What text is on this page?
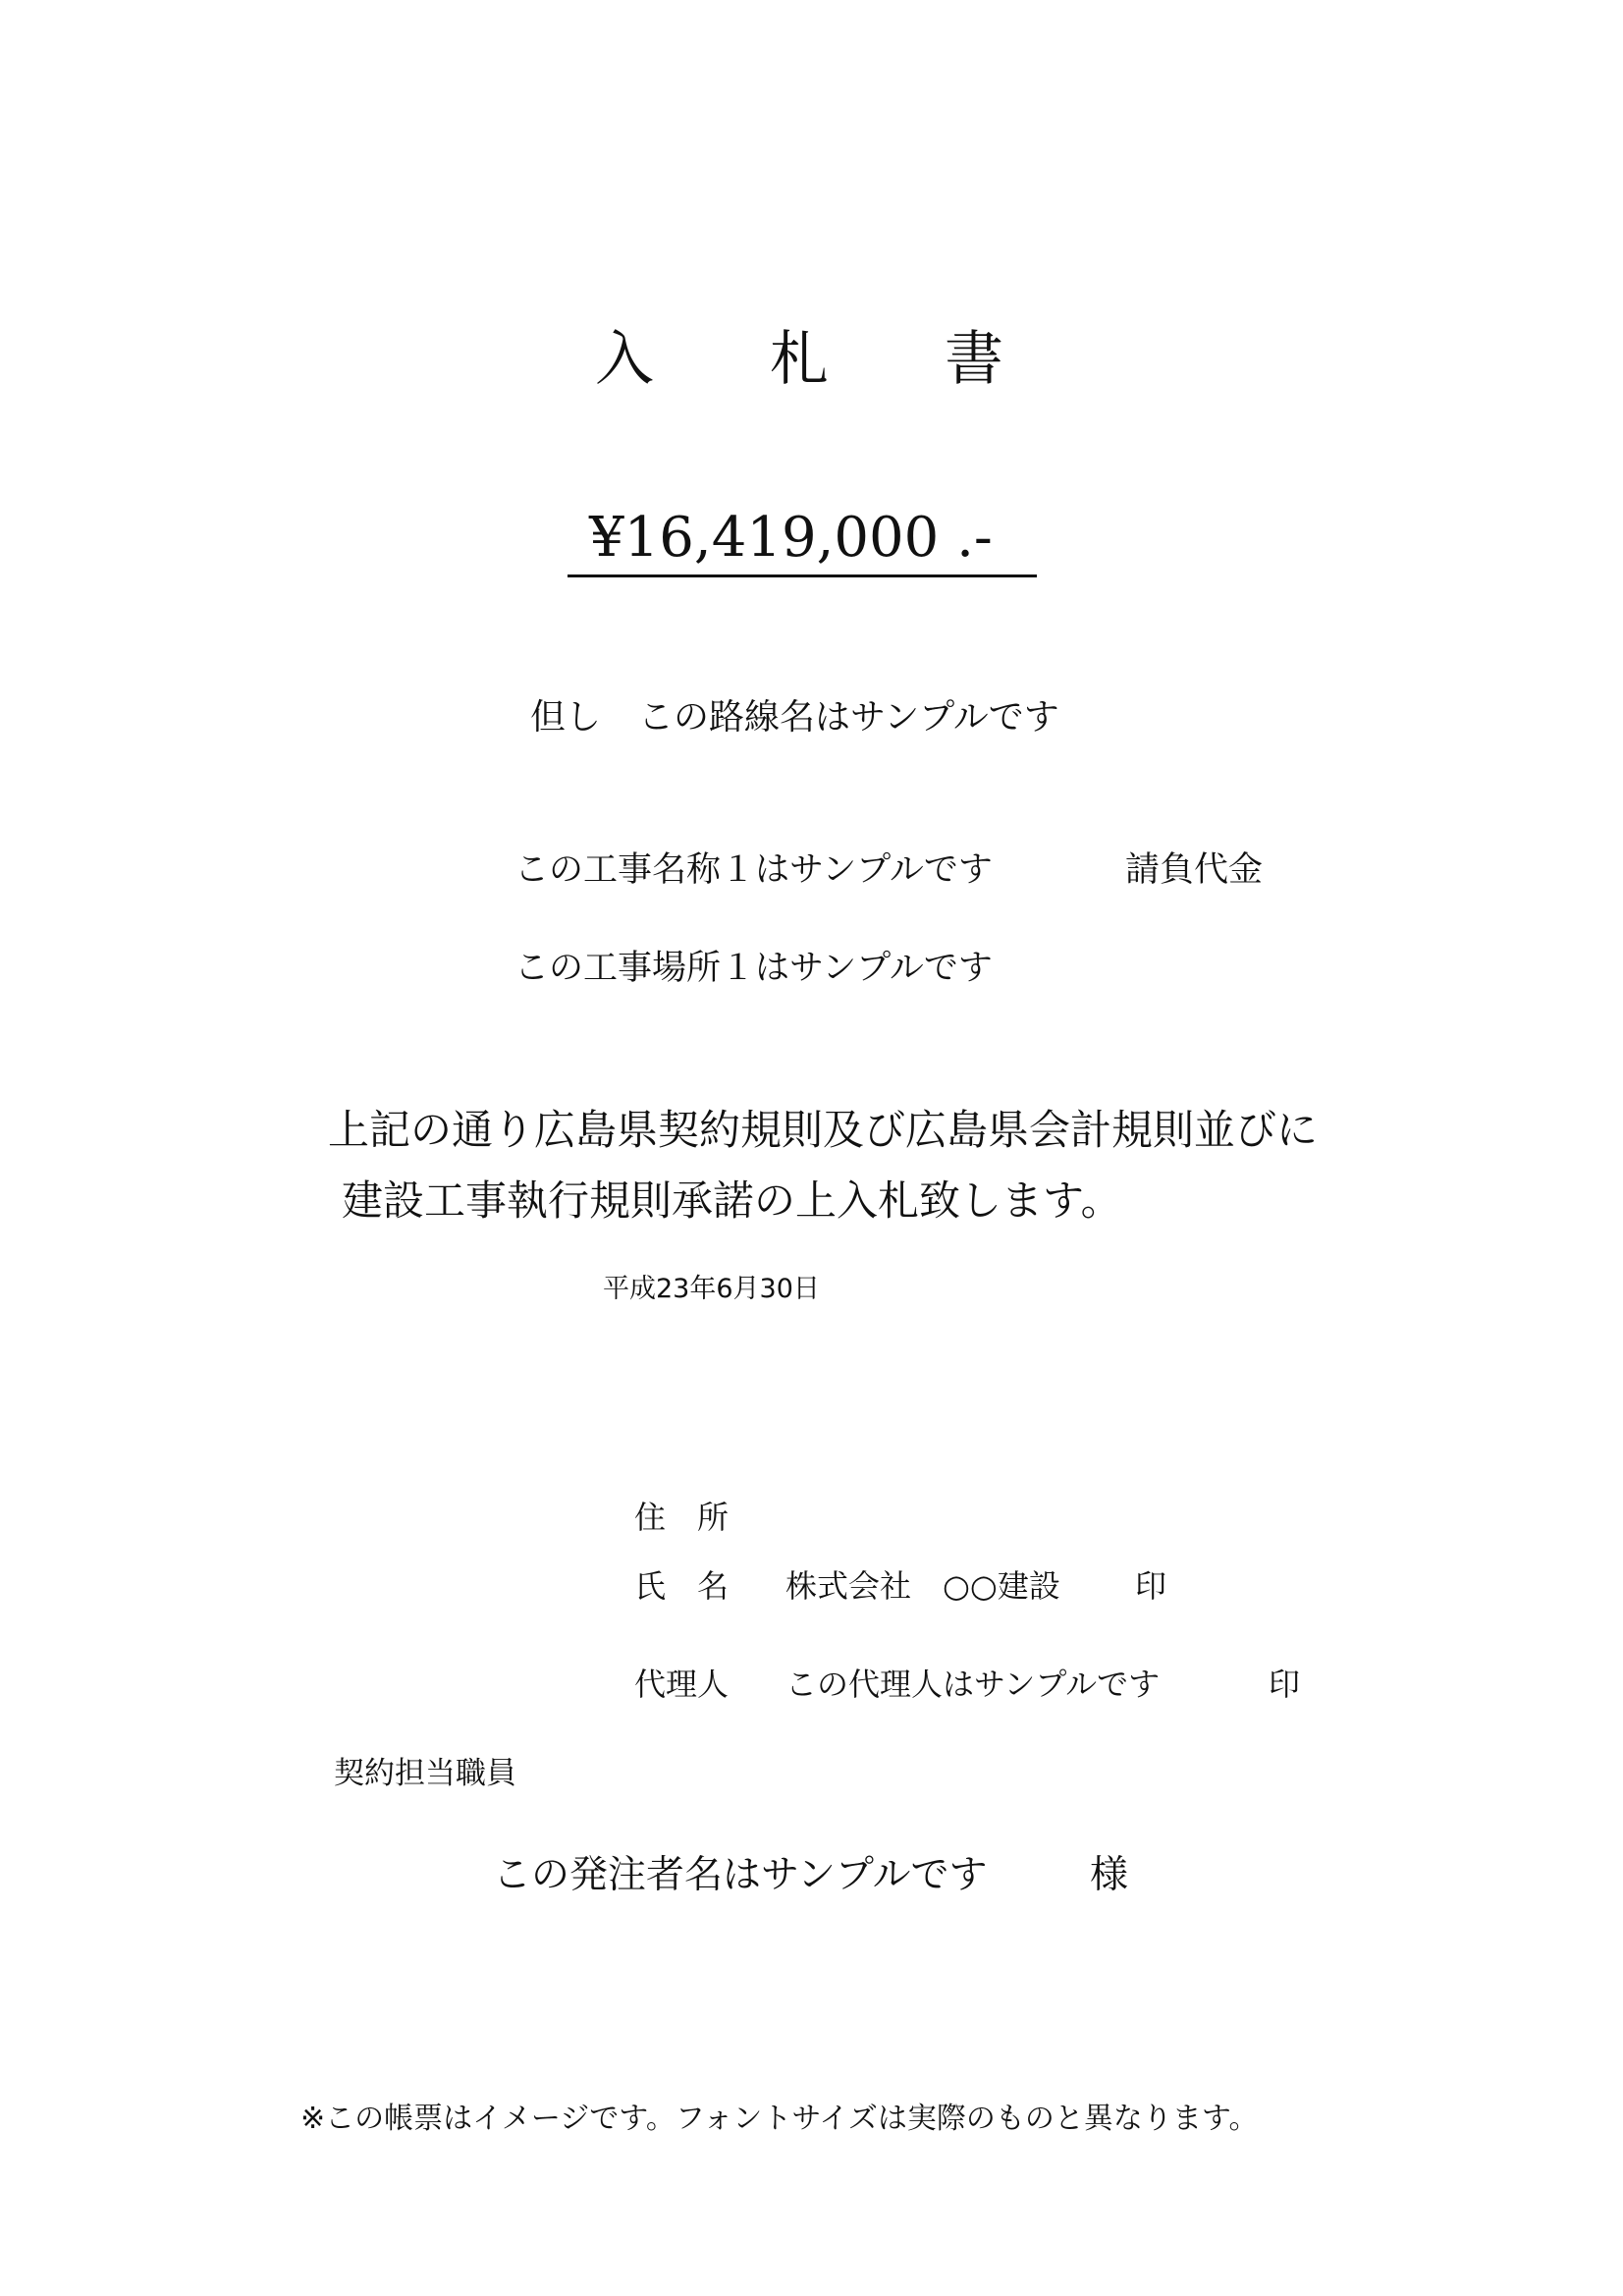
入 札 書
¥16,419,000 .-
但し この路線名はサンプルです
この工事名称１はサンプルです	請負代金
この工事場所１はサンプルです
上記の通り広島県契約規則及び広島県会計規則並びに
建設工事執行規則承諾の上入札致します。
平成23年6月30日
住　所
氏　名 株式会社　○○建設 印
代理人 この代理人はサンプルです	印
契約担当職員
この発注者名はサンプルです	様
※この帳票はイメージです。フォントサイズは実際のものと異なります。
